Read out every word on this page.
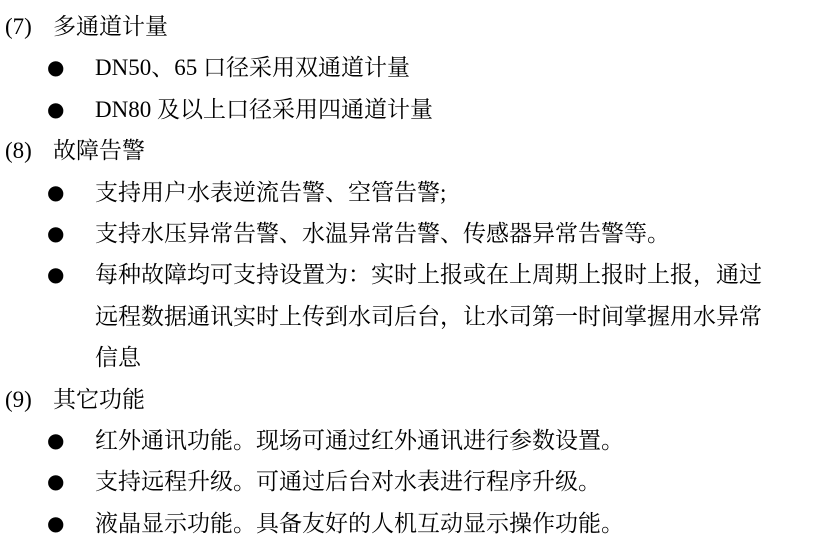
(7) 多通道计量
● DN50、65 口径采用双通道计量
● DN80 及以上口径采用四通道计量
(8) 故障告警
● 支持用户水表逆流告警、空管告警;
● 支持水压异常告警、水温异常告警、传感器异常告警等。
● 每种故障均可支持设置为：实时上报或在上周期上报时上报，通过
远程数据通讯实时上传到水司后台，让水司第一时间掌握用水异常
信息
(9) 其它功能
● 红外通讯功能。现场可通过红外通讯进行参数设置。
● 支持远程升级。可通过后台对水表进行程序升级。
● 液晶显示功能。具备友好的人机互动显示操作功能。
